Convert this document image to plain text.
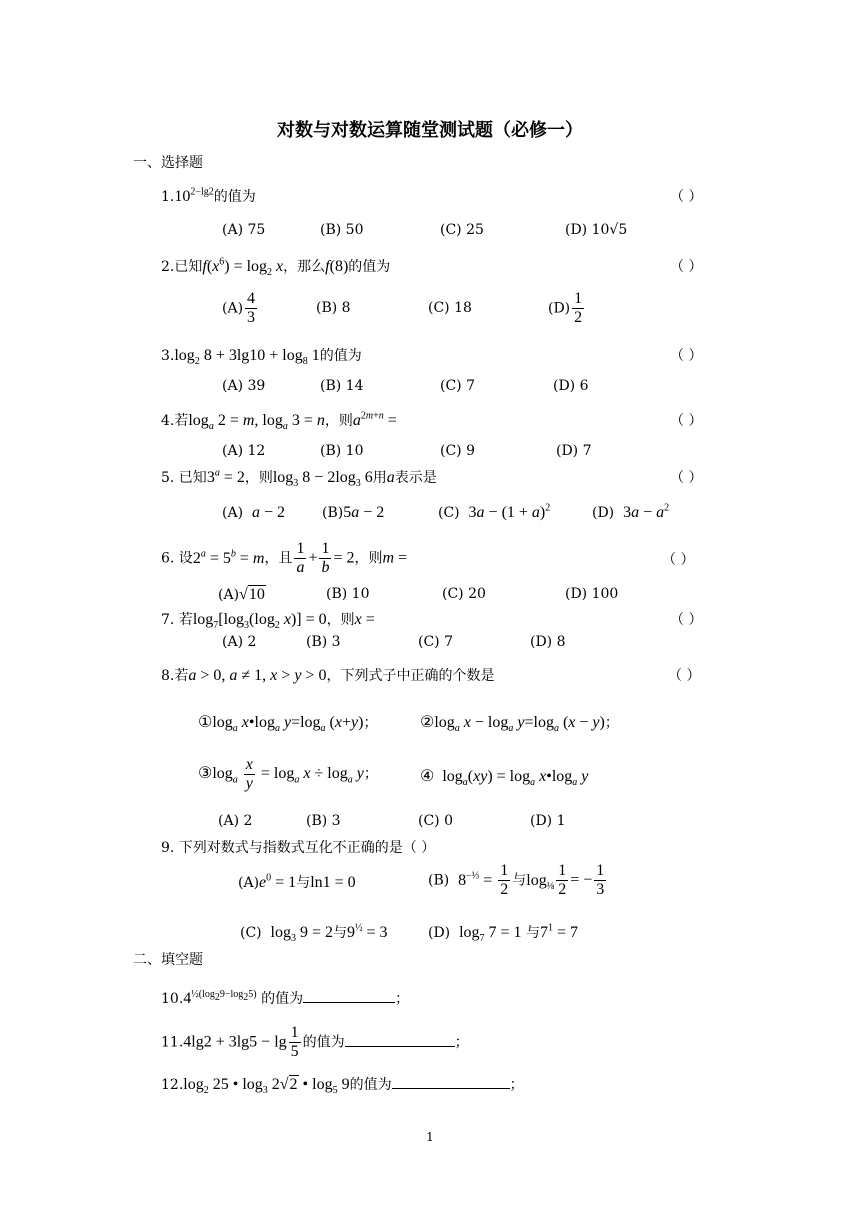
对数与对数运算随堂测试题（必修一）
一、选择题
$1.10^{2-lg2}$的值为	（ ）
(A) 75	(B) 50	(C) 25	(D) 10√5
2.已知$f(x^6) = \log_2 x$，那么f(8)的值为	（ ）
$(A) \frac{4}{3}$	(B) 8	(C) 18	$(D) \frac{1}{2}$
$3.\log_2$ $8 + 3\lg 10 + \log_8 1$的值为	（ ）
(A) 39	(B) 14	(C) 7	(D) 6
4.若$\log_a 2 = m$, $\log_a 3 = n$，则$a^{2m+n}$ =	（ ）
(A) 12	(B) 10	(C) 9	(D) 7
5. 已知$3^a = 2$，则$\log_3 8 - 2\log_3$ 6用a表示是	（ ）
(A) a − 2	(B)5a − 2	(C) $3a - (1 + a)^2$	(D) $3a - a^2$
6. 设$2^a = 5^b = m$，且 $\frac{1}{a} + \frac{1}{b} = 2$，则m =	（ ）
(A)√10	(B) 10	(C) 20	(D) 100
7. 若$\log_7[\log_3(\log_2$ x)] = 0，则x =	（ ）
(A) 2	(B) 3	(C) 7	(D) 8
8.若a > 0, a ≠ 1, x > y > 0，下列式子中正确的个数是	（ ）
$①\log_a$ $x•\log_a$ $y=\log_a$ (x+y)；	$②\log_a$ $x - \log_a y=\log_a$ (x − y)；
$③\log_a \frac{x}{y} = \log_a x \div \log_a y$；	④  $\log_a(xy) = \log_a$ $x•\log_a$ y
(A) 2	(B) 3	(C) 0	(D) 1
9. 下列对数式与指数式互化不正确的是（ ）
$(A)e^0 = 1$与ln1 = 0	(B)  $8^{-\frac{1}{3}} = \frac{1}{2}$ 与$\log_{\frac{1}{8}} \frac{1}{2}$ = − $\frac{1}{3}$
(C)  $\log_3 9 = 2$与$9^{\frac{1}{2}} = 3$	(D)  $\log_7 7 = 1$ 与$7^1 = 7$
二、填空题
$10.4^{\frac{1}{2}(log_29-log_25)}$ 的值为	；
$11.4\lg 2 + 3\lg 5 - \lg \frac{1}{5}$ 的值为	；
$12.\log_2$ 25 • $\log_3 2√2$ • $\log_5 9$的值为	；
1
